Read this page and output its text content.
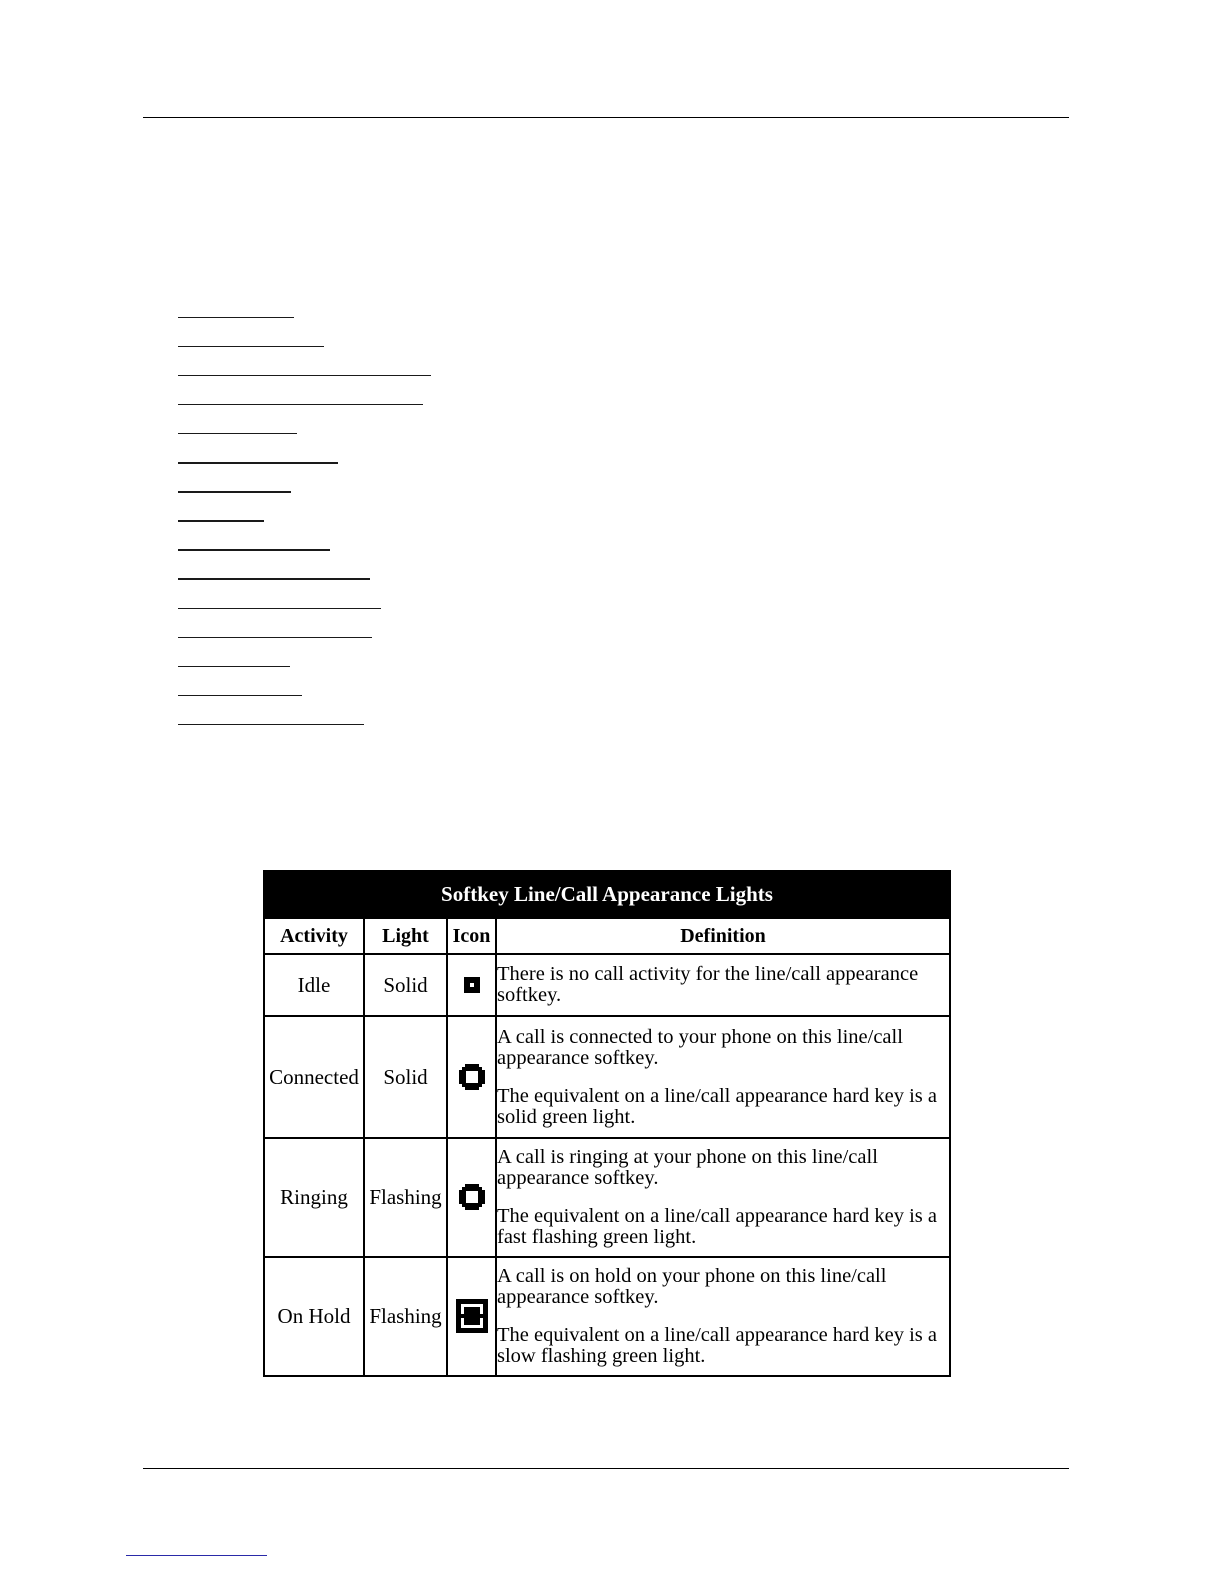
Softkey Line/Call Appearance Lights			
Activity	Light	Icon	Definition
Idle	Solid		There is no call activity for the line/call appearance softkey.

Connected	Solid		A call is connected to your phone on this line/call appearance softkey.

The equivalent on a line/call appearance hard key is a solid green light.

Ringing	Flashing		A call is ringing at your phone on this line/call appearance softkey.

The equivalent on a line/call appearance hard key is a fast flashing green light.

On Hold	Flashing		A call is on hold on your phone on this line/call appearance softkey.

The equivalent on a line/call appearance hard key is a slow flashing green light.
